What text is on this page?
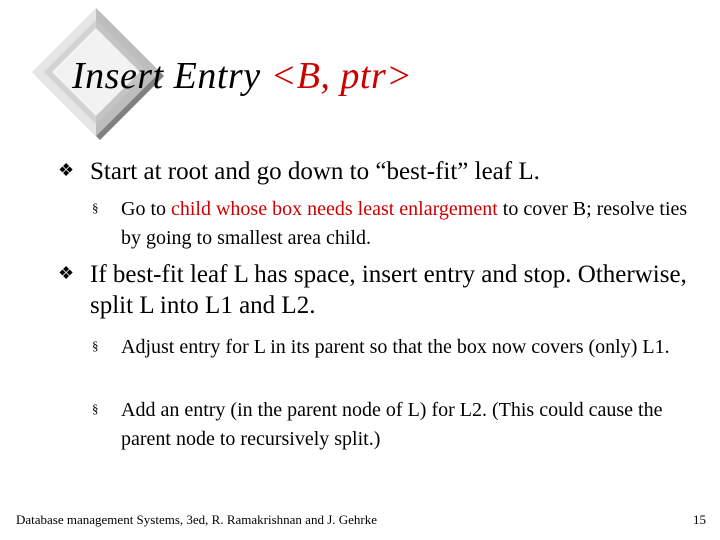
Insert Entry <B, ptr>
❖ Start at root and go down to “best-fit” leaf L.
§ Go to child whose box needs least enlargement to cover B; resolve ties by going to smallest area child.
❖ If best-fit leaf L has space, insert entry and stop. Otherwise, split L into L1 and L2.
§ Adjust entry for L in its parent so that the box now covers (only) L1.
§ Add an entry (in the parent node of L) for L2. (This could cause the parent node to recursively split.)
Database management Systems, 3ed, R. Ramakrishnan and J. Gehrke	15
